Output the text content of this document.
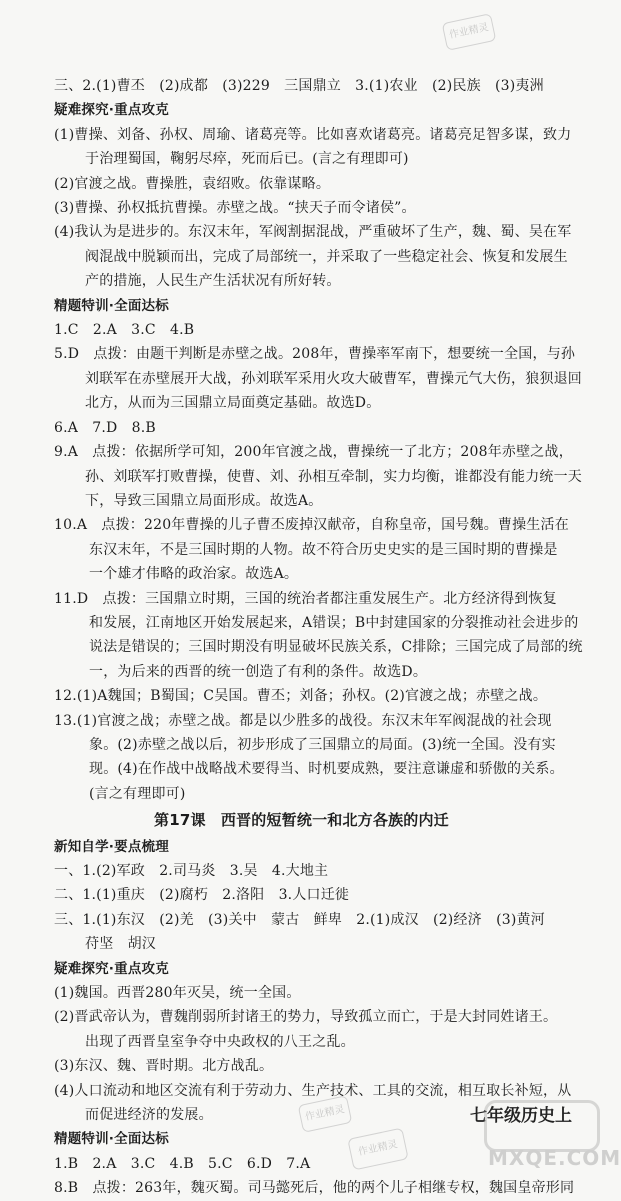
作业精灵
三、2.(1)曹丕　(2)成都　(3)229　三国鼎立　3.(1)农业　(2)民族　(3)夷洲
疑难探究·重点攻克
(1)曹操、刘备、孙权、周瑜、诸葛亮等。比如喜欢诸葛亮。诸葛亮足智多谋，致力
于治理蜀国，鞠躬尽瘁，死而后已。(言之有理即可)
(2)官渡之战。曹操胜，袁绍败。依靠谋略。
(3)曹操、孙权抵抗曹操。赤壁之战。“挟天子而令诸侯”。
(4)我认为是进步的。东汉末年，军阀割据混战，严重破坏了生产，魏、蜀、吴在军
阀混战中脱颖而出，完成了局部统一，并采取了一些稳定社会、恢复和发展生
产的措施，人民生产生活状况有所好转。
精题特训·全面达标
1.C　2.A　3.C　4.B
5.D　点拨：由题干判断是赤壁之战。208年，曹操率军南下，想要统一全国，与孙
刘联军在赤壁展开大战，孙刘联军采用火攻大破曹军，曹操元气大伤，狼狈退回
北方，从而为三国鼎立局面奠定基础。故选D。
6.A　7.D　8.B
9.A　点拨：依据所学可知，200年官渡之战，曹操统一了北方；208年赤壁之战，
孙、刘联军打败曹操，使曹、刘、孙相互牵制，实力均衡，谁都没有能力统一天
下，导致三国鼎立局面形成。故选A。
10.A　点拨：220年曹操的儿子曹丕废掉汉献帝，自称皇帝，国号魏。曹操生活在
东汉末年，不是三国时期的人物。故不符合历史史实的是三国时期的曹操是
一个雄才伟略的政治家。故选A。
11.D　点拨：三国鼎立时期，三国的统治者都注重发展生产。北方经济得到恢复
和发展，江南地区开始发展起来，A错误；B中封建国家的分裂推动社会进步的
说法是错误的；三国时期没有明显破坏民族关系，C排除；三国完成了局部的统
一，为后来的西晋的统一创造了有利的条件。故选D。
12.(1)A魏国；B蜀国；C吴国。曹丕；刘备；孙权。(2)官渡之战；赤壁之战。
13.(1)官渡之战；赤壁之战。都是以少胜多的战役。东汉末年军阀混战的社会现
象。(2)赤壁之战以后，初步形成了三国鼎立的局面。(3)统一全国。没有实
现。(4)在作战中战略战术要得当、时机要成熟，要注意谦虚和骄傲的关系。
(言之有理即可)
第17课　西晋的短暂统一和北方各族的内迁
新知自学·要点梳理
一、1.(2)军政　2.司马炎　3.吴　4.大地主
二、1.(1)重庆　(2)腐朽　2.洛阳　3.人口迁徙
三、1.(1)东汉　(2)羌　(3)关中　蒙古　鲜卑　2.(1)成汉　(2)经济　(3)黄河
苻坚　胡汉
疑难探究·重点攻克
(1)魏国。西晋280年灭吴，统一全国。
(2)晋武帝认为，曹魏削弱所封诸王的势力，导致孤立而亡，于是大封同姓诸王。
出现了西晋皇室争夺中央政权的八王之乱。
(3)东汉、魏、晋时期。北方战乱。
(4)人口流动和地区交流有利于劳动力、生产技术、工具的交流，相互取长补短，从
而促进经济的发展。
精题特训·全面达标
1.B　2.A　3.C　4.B　5.C　6.D　7.A
8.B　点拨：263年，魏灭蜀。司马懿死后，他的两个儿子相继专权，魏国皇帝形同
作业精灵
作业精灵
七年级历史上
MXQE.COM
